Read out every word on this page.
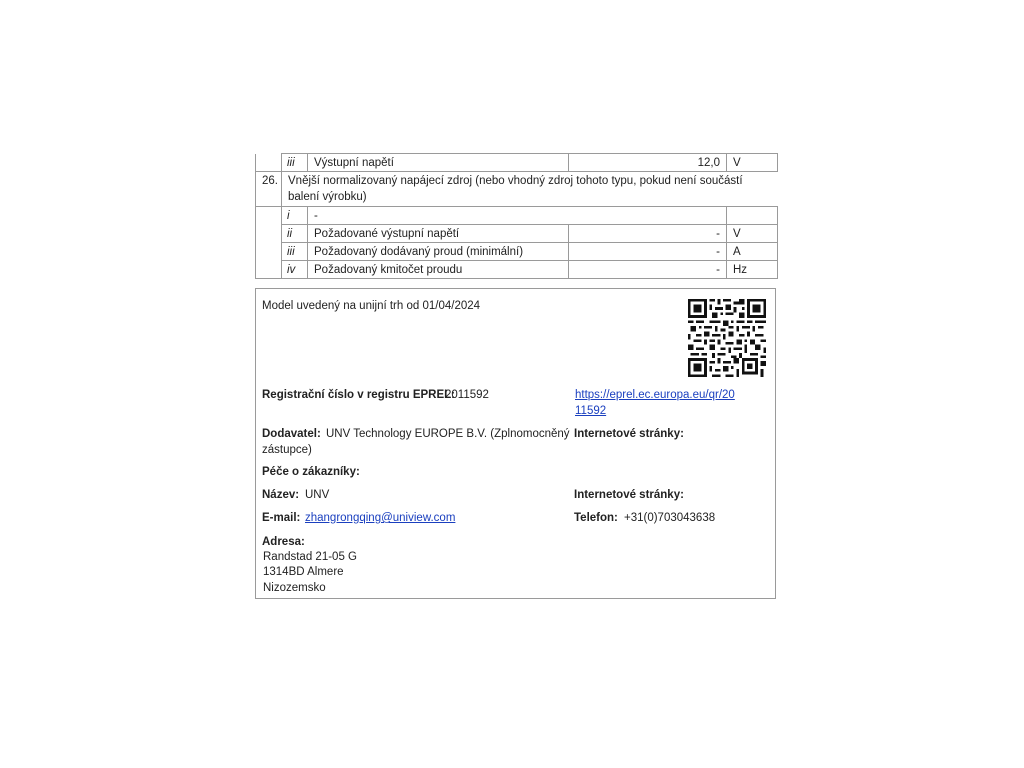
	iii	Výstupní napětí	12,0	V
26.	Vnější normalizovaný napájecí zdroj (nebo vhodný zdroj tohoto typu, pokud není součástí balení výrobku)			
	i	-		
	ii	Požadované výstupní napětí	-	V
	iii	Požadovaný dodávaný proud (minimální)	-	A
	iv	Požadovaný kmitočet proudu	-	Hz
Model uvedený na unijní trh od 01/04/2024
Registrační číslo v registru EPREL:
2011592	https://eprel.ec.europa.eu/qr/20
11592
Dodavatel: UNV Technology EUROPE B.V. (Zplnomocněný
zástupce)
Internetové stránky:
Péče o zákazníky:
Název: UNV	Internetové stránky:
E-mail: zhangrongqing@uniview.com	Telefon: +31(0)703043638
Adresa:
Randstad 21-05 G
1314BD Almere
Nizozemsko
